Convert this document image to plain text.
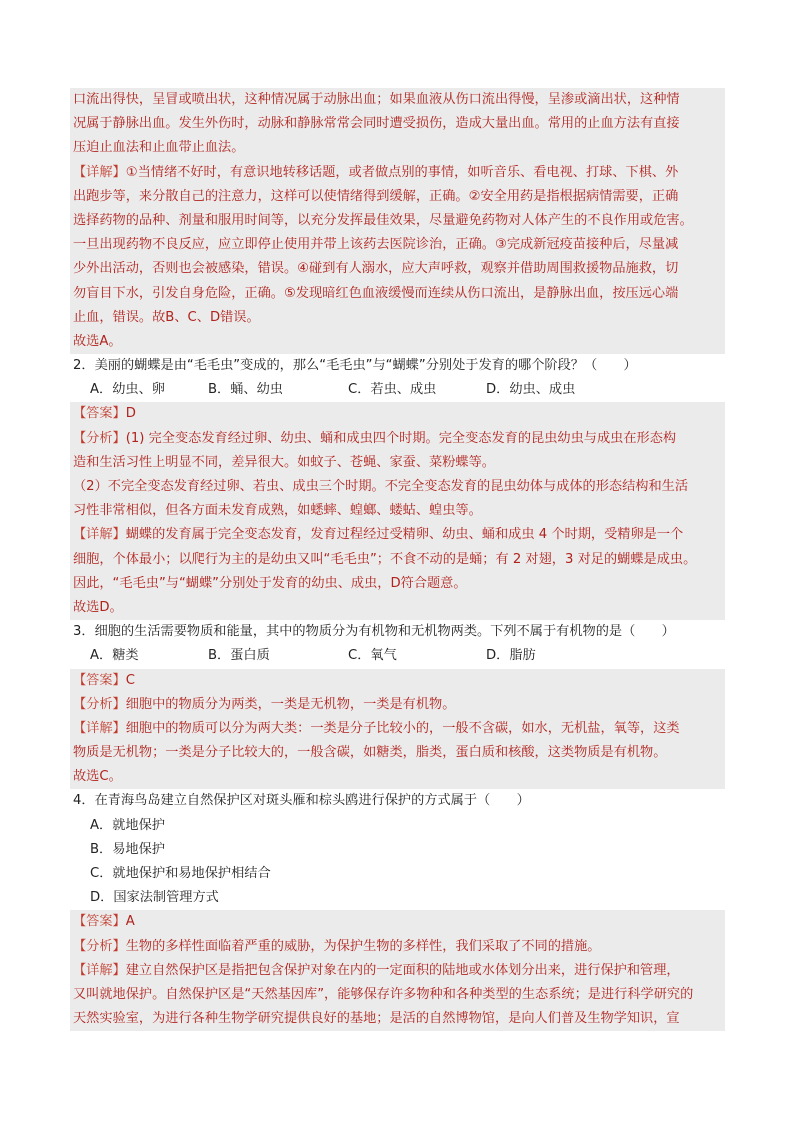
口流出得快，呈冒或喷出状，这种情况属于动脉出血；如果血液从伤口流出得慢，呈渗或滴出状，这种情
况属于静脉出血。发生外伤时，动脉和静脉常常会同时遭受损伤，造成大量出血。常用的止血方法有直接
压迫止血法和止血带止血法。
【详解】①当情绪不好时，有意识地转移话题，或者做点别的事情，如听音乐、看电视、打球、下棋、外
出跑步等，来分散自己的注意力，这样可以使情绪得到缓解，正确。②安全用药是指根据病情需要，正确
选择药物的品种、剂量和服用时间等，以充分发挥最佳效果，尽量避免药物对人体产生的不良作用或危害。
一旦出现药物不良反应，应立即停止使用并带上该药去医院诊治，正确。③完成新冠疫苗接种后，尽量减
少外出活动，否则也会被感染，错误。④碰到有人溺水，应大声呼救，观察并借助周围救援物品施救，切
勿盲目下水，引发自身危险，正确。⑤发现暗红色血液缓慢而连续从伤口流出，是静脉出血，按压远心端
止血，错误。故B、C、D错误。
故选A。
2．美丽的蝴蝶是由“毛毛虫”变成的，那么“毛毛虫”与“蝴蝶”分别处于发育的哪个阶段？（　　）
A．幼虫、卵	B．蛹、幼虫	C．若虫、成虫	D．幼虫、成虫
【答案】D
【分析】(1) 完全变态发育经过卵、幼虫、蛹和成虫四个时期。完全变态发育的昆虫幼虫与成虫在形态构
造和生活习性上明显不同，差异很大。如蚊子、苍蝇、家蚕、菜粉蝶等。
（2）不完全变态发育经过卵、若虫、成虫三个时期。不完全变态发育的昆虫幼体与成体的形态结构和生活
习性非常相似，但各方面未发育成熟，如蟋蟀、蝗螂、蝼蛄、蝗虫等。
【详解】蝴蝶的发育属于完全变态发育，发育过程经过受精卵、幼虫、蛹和成虫 4 个时期，受精卵是一个
细胞，个体最小；以爬行为主的是幼虫又叫“毛毛虫”；不食不动的是蛹；有 2 对翅，3 对足的蝴蝶是成虫。
因此，“毛毛虫”与“蝴蝶”分别处于发育的幼虫、成虫，D符合题意。
故选D。
3．细胞的生活需要物质和能量，其中的物质分为有机物和无机物两类。下列不属于有机物的是（　　）
A．糖类	B．蛋白质	C．氧气	D．脂肪
【答案】C
【分析】细胞中的物质分为两类，一类是无机物，一类是有机物。
【详解】细胞中的物质可以分为两大类：一类是分子比较小的，一般不含碳，如水，无机盐，氧等，这类
物质是无机物；一类是分子比较大的，一般含碳，如糖类，脂类，蛋白质和核酸，这类物质是有机物。
故选C。
4．在青海鸟岛建立自然保护区对斑头雁和棕头鸥进行保护的方式属于（　　）
A．就地保护
B．易地保护
C．就地保护和易地保护相结合
D．国家法制管理方式
【答案】A
【分析】生物的多样性面临着严重的威胁，为保护生物的多样性，我们采取了不同的措施。
【详解】建立自然保护区是指把包含保护对象在内的一定面积的陆地或水体划分出来，进行保护和管理，
又叫就地保护。自然保护区是“天然基因库”，能够保存许多物种和各种类型的生态系统；是进行科学研究的
天然实验室，为进行各种生物学研究提供良好的基地；是活的自然博物馆，是向人们普及生物学知识，宣
